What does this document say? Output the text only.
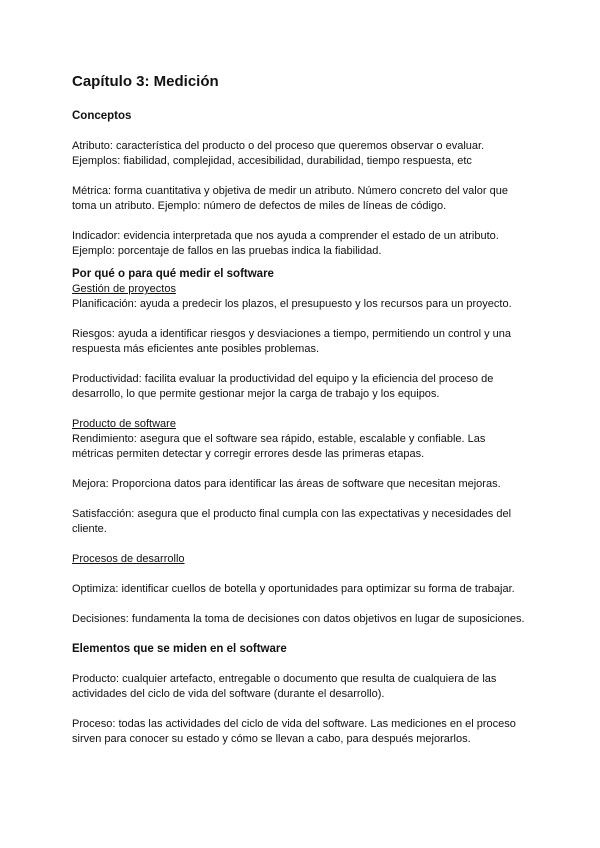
Capítulo 3: Medición
Conceptos

Atributo: característica del producto o del proceso que queremos observar o evaluar. Ejemplos: fiabilidad, complejidad, accesibilidad, durabilidad, tiempo respuesta, etc

Métrica: forma cuantitativa y objetiva de medir un atributo. Número concreto del valor que toma un atributo. Ejemplo: número de defectos de miles de líneas de código.

Indicador: evidencia interpretada que nos ayuda a comprender el estado de un atributo. Ejemplo: porcentaje de fallos en las pruebas indica la fiabilidad.

Por qué o para qué medir el software
Gestión de proyectos

Planificación: ayuda a predecir los plazos, el presupuesto y los recursos para un proyecto.

Riesgos: ayuda a identificar riesgos y desviaciones a tiempo, permitiendo un control y una respuesta más eficientes ante posibles problemas.

Productividad: facilita evaluar la productividad del equipo y la eficiencia del proceso de desarrollo, lo que permite gestionar mejor la carga de trabajo y los equipos.

Producto de software

Rendimiento: asegura que el software sea rápido, estable, escalable y confiable. Las métricas permiten detectar y corregir errores desde las primeras etapas.

Mejora: Proporciona datos para identificar las áreas de software que necesitan mejoras.

Satisfacción: asegura que el producto final cumpla con las expectativas y necesidades del cliente.

Procesos de desarrollo

Optimiza: identificar cuellos de botella y oportunidades para optimizar su forma de trabajar.

Decisiones: fundamenta la toma de decisiones con datos objetivos en lugar de suposiciones.

Elementos que se miden en el software

Producto: cualquier artefacto, entregable o documento que resulta de cualquiera de las actividades del ciclo de vida del software (durante el desarrollo).

Proceso: todas las actividades del ciclo de vida del software. Las mediciones en el proceso sirven para conocer su estado y cómo se llevan a cabo, para después mejorarlos.
